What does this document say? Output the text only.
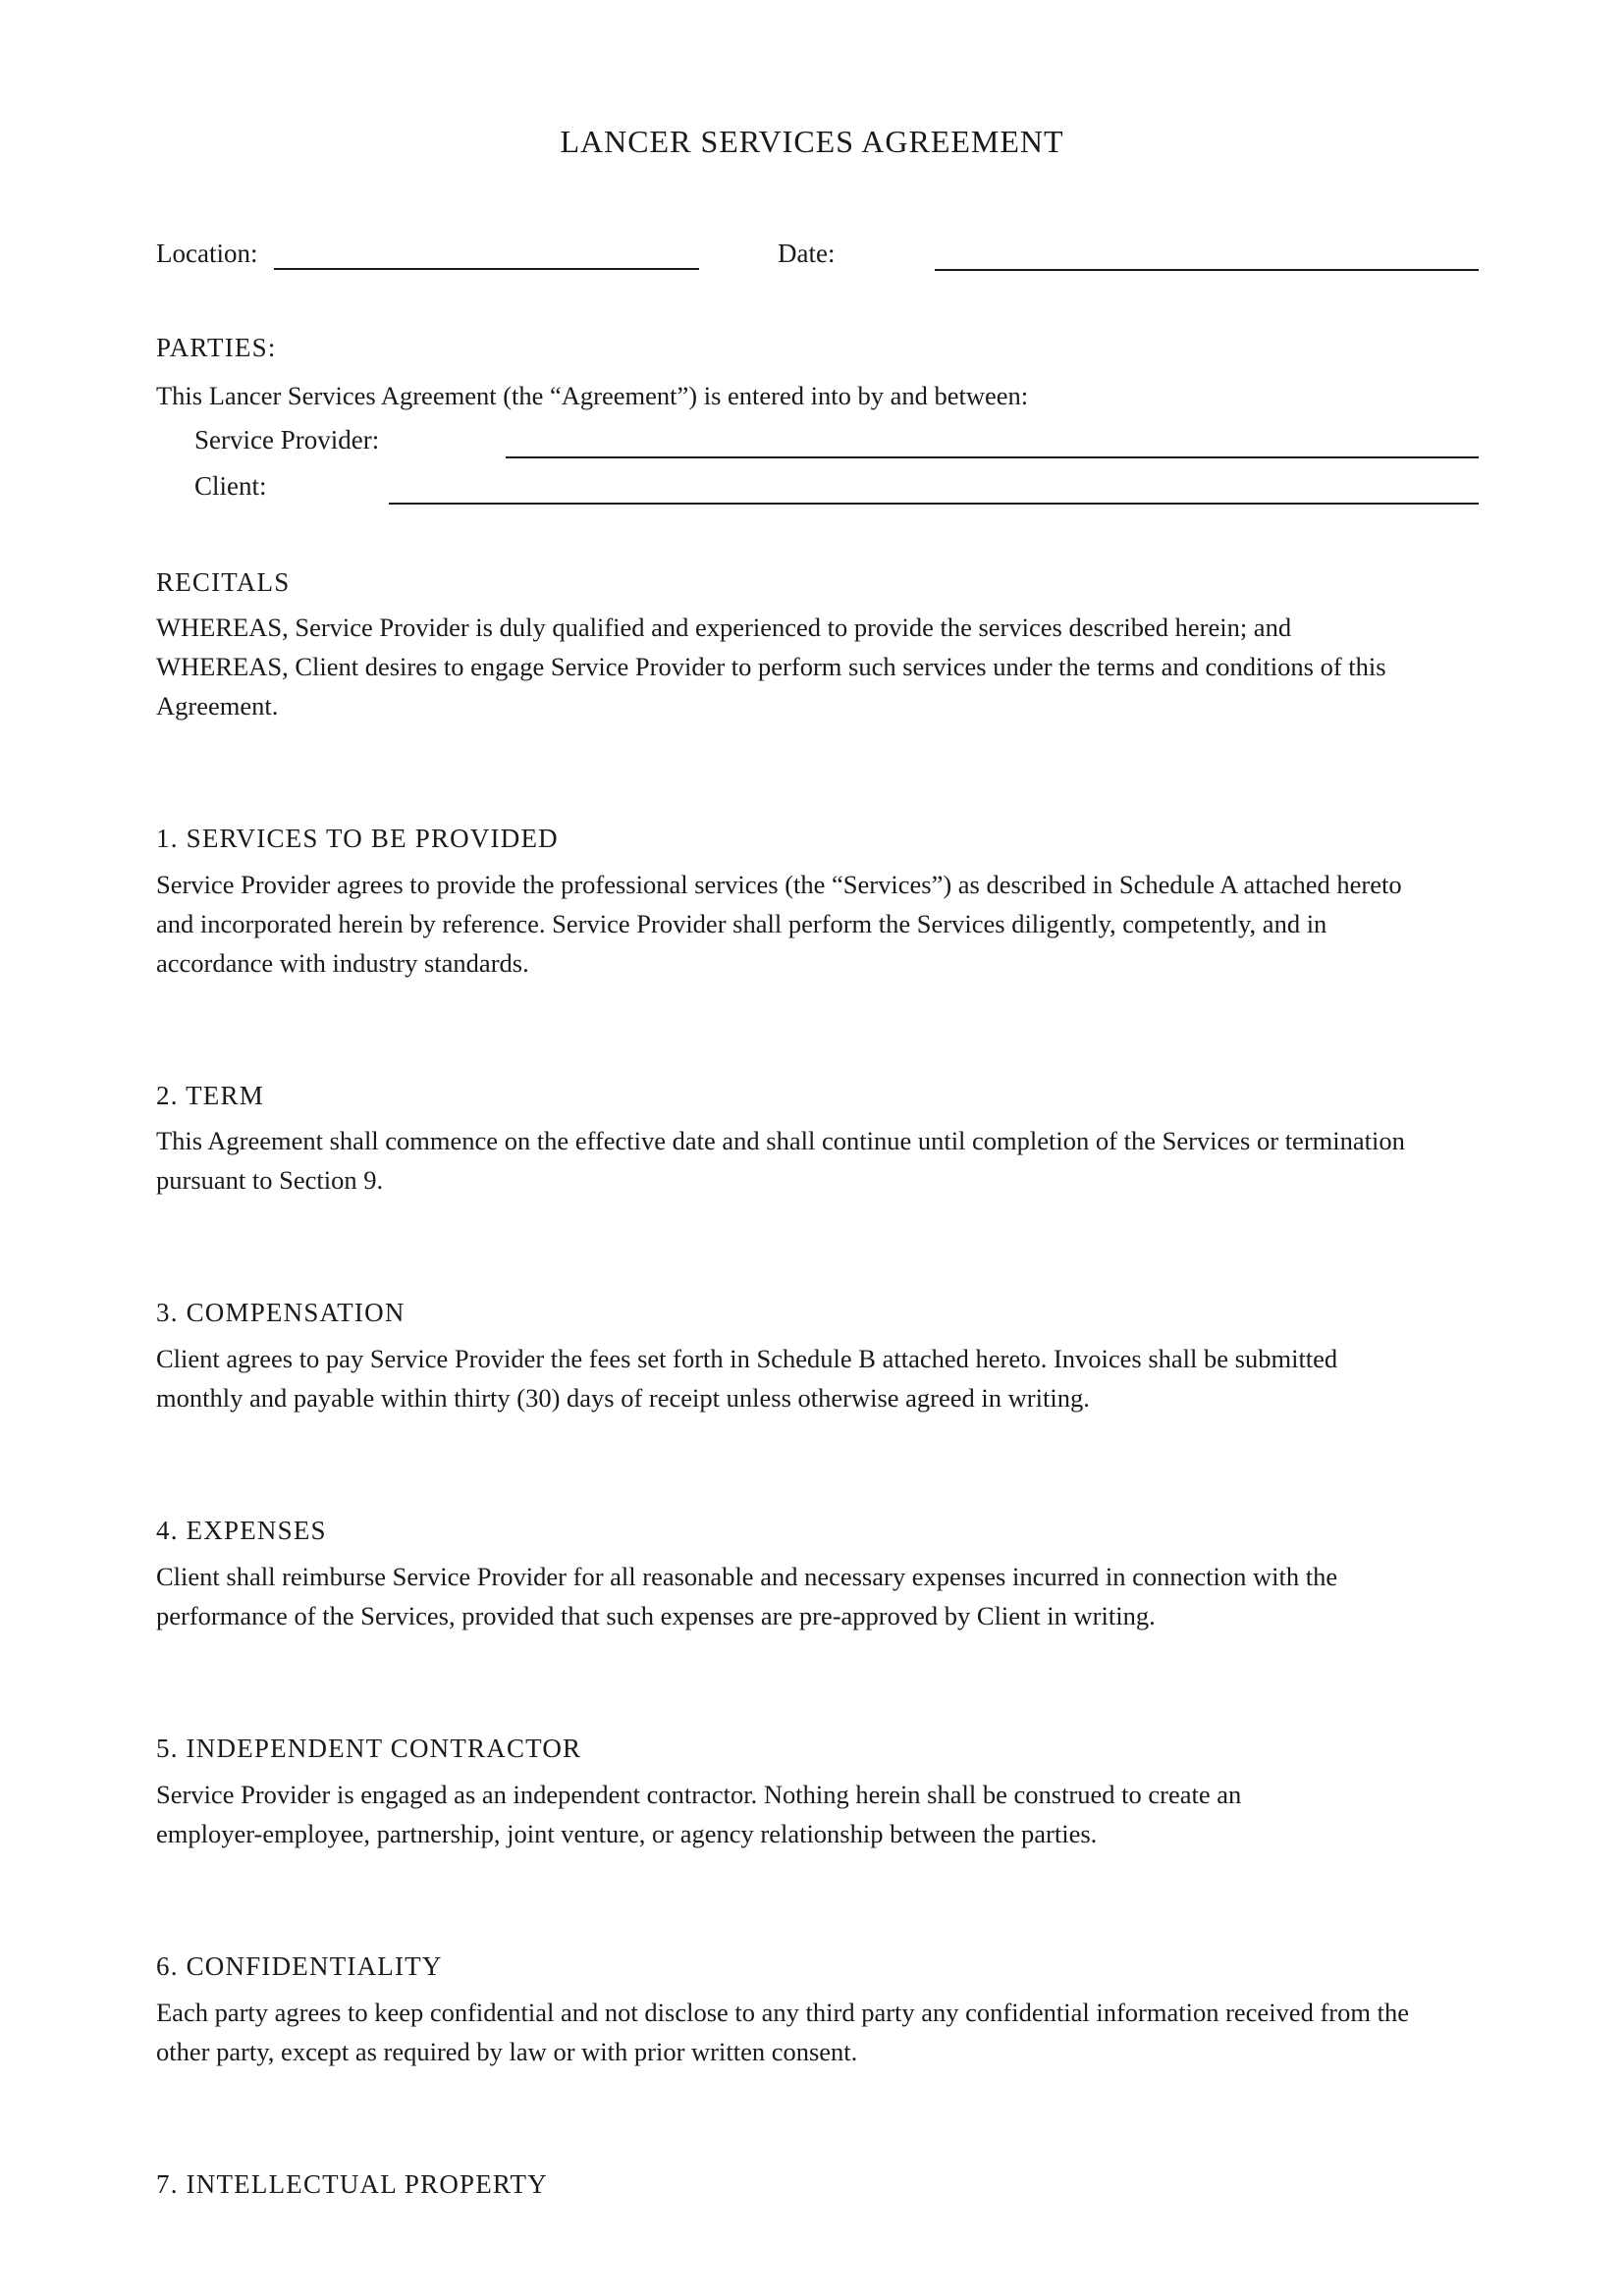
LANCER SERVICES AGREEMENT
Location:	Date:
PARTIES:
This Lancer Services Agreement (the “Agreement”) is entered into by and between:
Service Provider:
Client:
RECITALS
WHEREAS, Service Provider is duly qualified and experienced to provide the services described herein; and
WHEREAS, Client desires to engage Service Provider to perform such services under the terms and conditions of this
Agreement.
1. SERVICES TO BE PROVIDED
Service Provider agrees to provide the professional services (the “Services”) as described in Schedule A attached hereto
and incorporated herein by reference. Service Provider shall perform the Services diligently, competently, and in
accordance with industry standards.
2. TERM
This Agreement shall commence on the effective date and shall continue until completion of the Services or termination
pursuant to Section 9.
3. COMPENSATION
Client agrees to pay Service Provider the fees set forth in Schedule B attached hereto. Invoices shall be submitted
monthly and payable within thirty (30) days of receipt unless otherwise agreed in writing.
4. EXPENSES
Client shall reimburse Service Provider for all reasonable and necessary expenses incurred in connection with the
performance of the Services, provided that such expenses are pre-approved by Client in writing.
5. INDEPENDENT CONTRACTOR
Service Provider is engaged as an independent contractor. Nothing herein shall be construed to create an
employer-employee, partnership, joint venture, or agency relationship between the parties.
6. CONFIDENTIALITY
Each party agrees to keep confidential and not disclose to any third party any confidential information received from the
other party, except as required by law or with prior written consent.
7. INTELLECTUAL PROPERTY
